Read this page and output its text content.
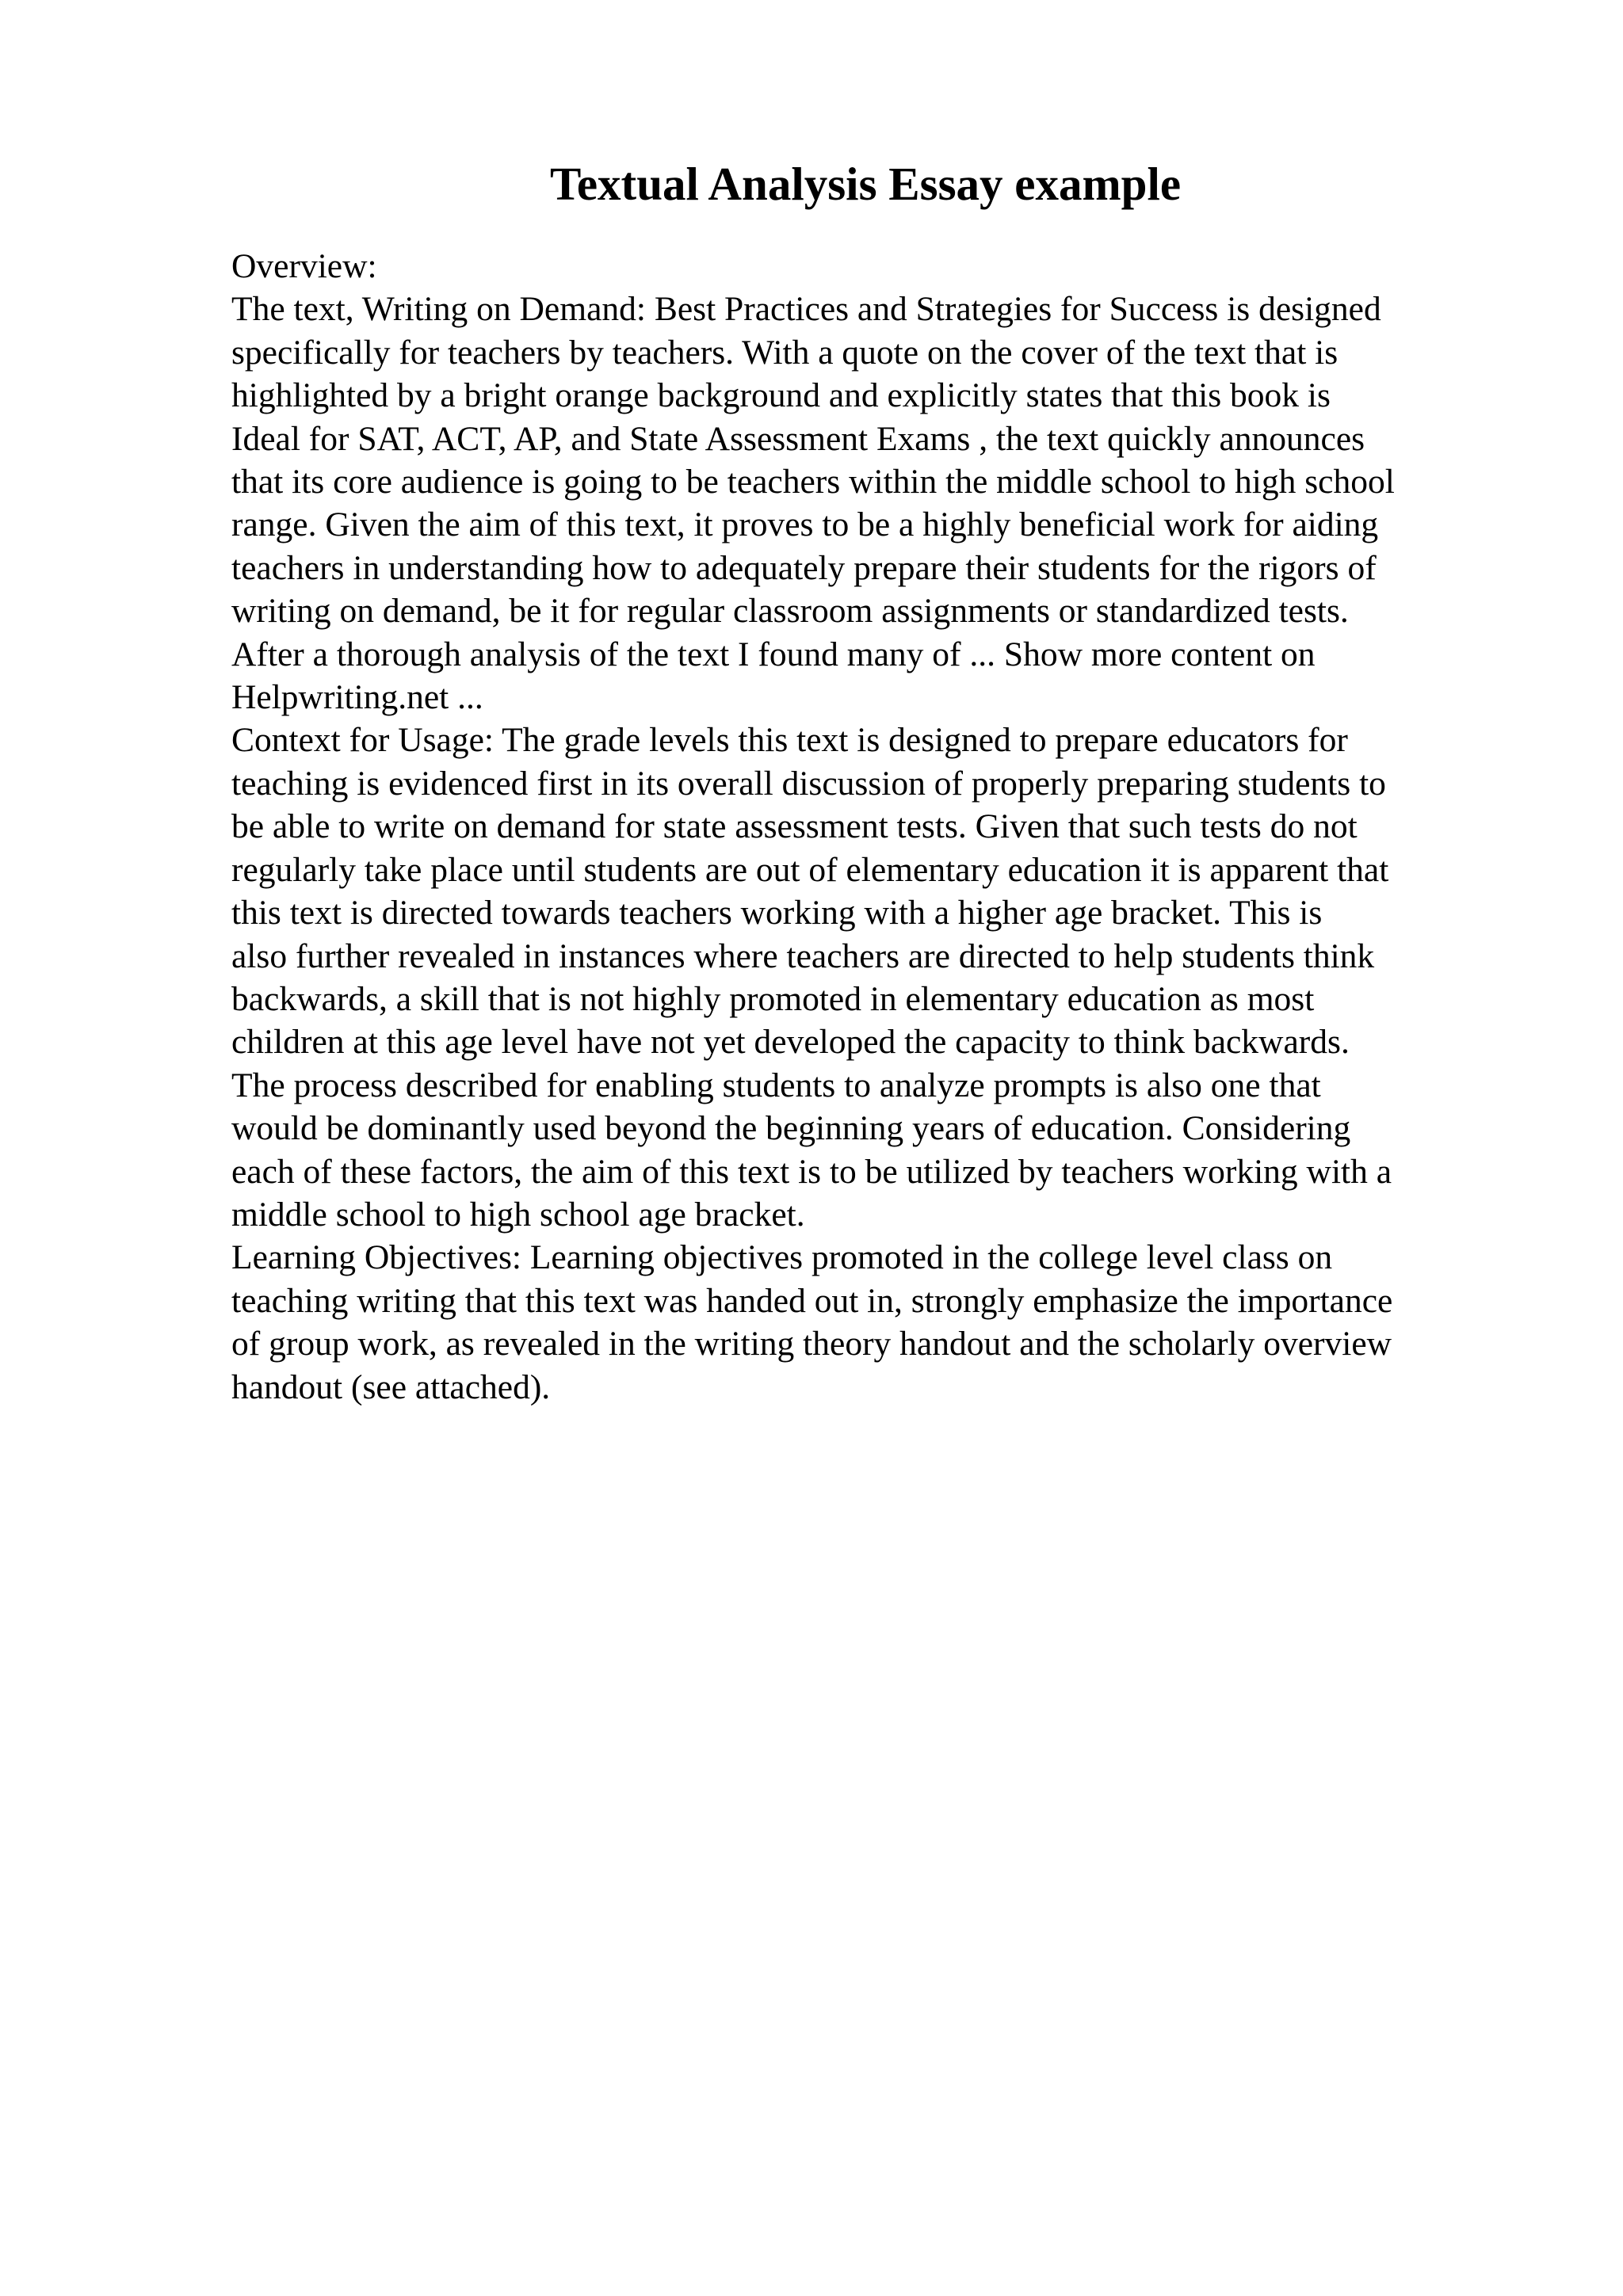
Textual Analysis Essay example
Overview:
The text, Writing on Demand: Best Practices and Strategies for Success is designed
specifically for teachers by teachers. With a quote on the cover of the text that is
highlighted by a bright orange background and explicitly states that this book is
Ideal for SAT, ACT, AP, and State Assessment Exams , the text quickly announces
that its core audience is going to be teachers within the middle school to high school
range. Given the aim of this text, it proves to be a highly beneficial work for aiding
teachers in understanding how to adequately prepare their students for the rigors of
writing on demand, be it for regular classroom assignments or standardized tests.
After a thorough analysis of the text I found many of ... Show more content on
Helpwriting.net ...
Context for Usage: The grade levels this text is designed to prepare educators for
teaching is evidenced first in its overall discussion of properly preparing students to
be able to write on demand for state assessment tests. Given that such tests do not
regularly take place until students are out of elementary education it is apparent that
this text is directed towards teachers working with a higher age bracket. This is
also further revealed in instances where teachers are directed to help students think
backwards, a skill that is not highly promoted in elementary education as most
children at this age level have not yet developed the capacity to think backwards.
The process described for enabling students to analyze prompts is also one that
would be dominantly used beyond the beginning years of education. Considering
each of these factors, the aim of this text is to be utilized by teachers working with a
middle school to high school age bracket.
Learning Objectives: Learning objectives promoted in the college level class on
teaching writing that this text was handed out in, strongly emphasize the importance
of group work, as revealed in the writing theory handout and the scholarly overview
handout (see attached).
